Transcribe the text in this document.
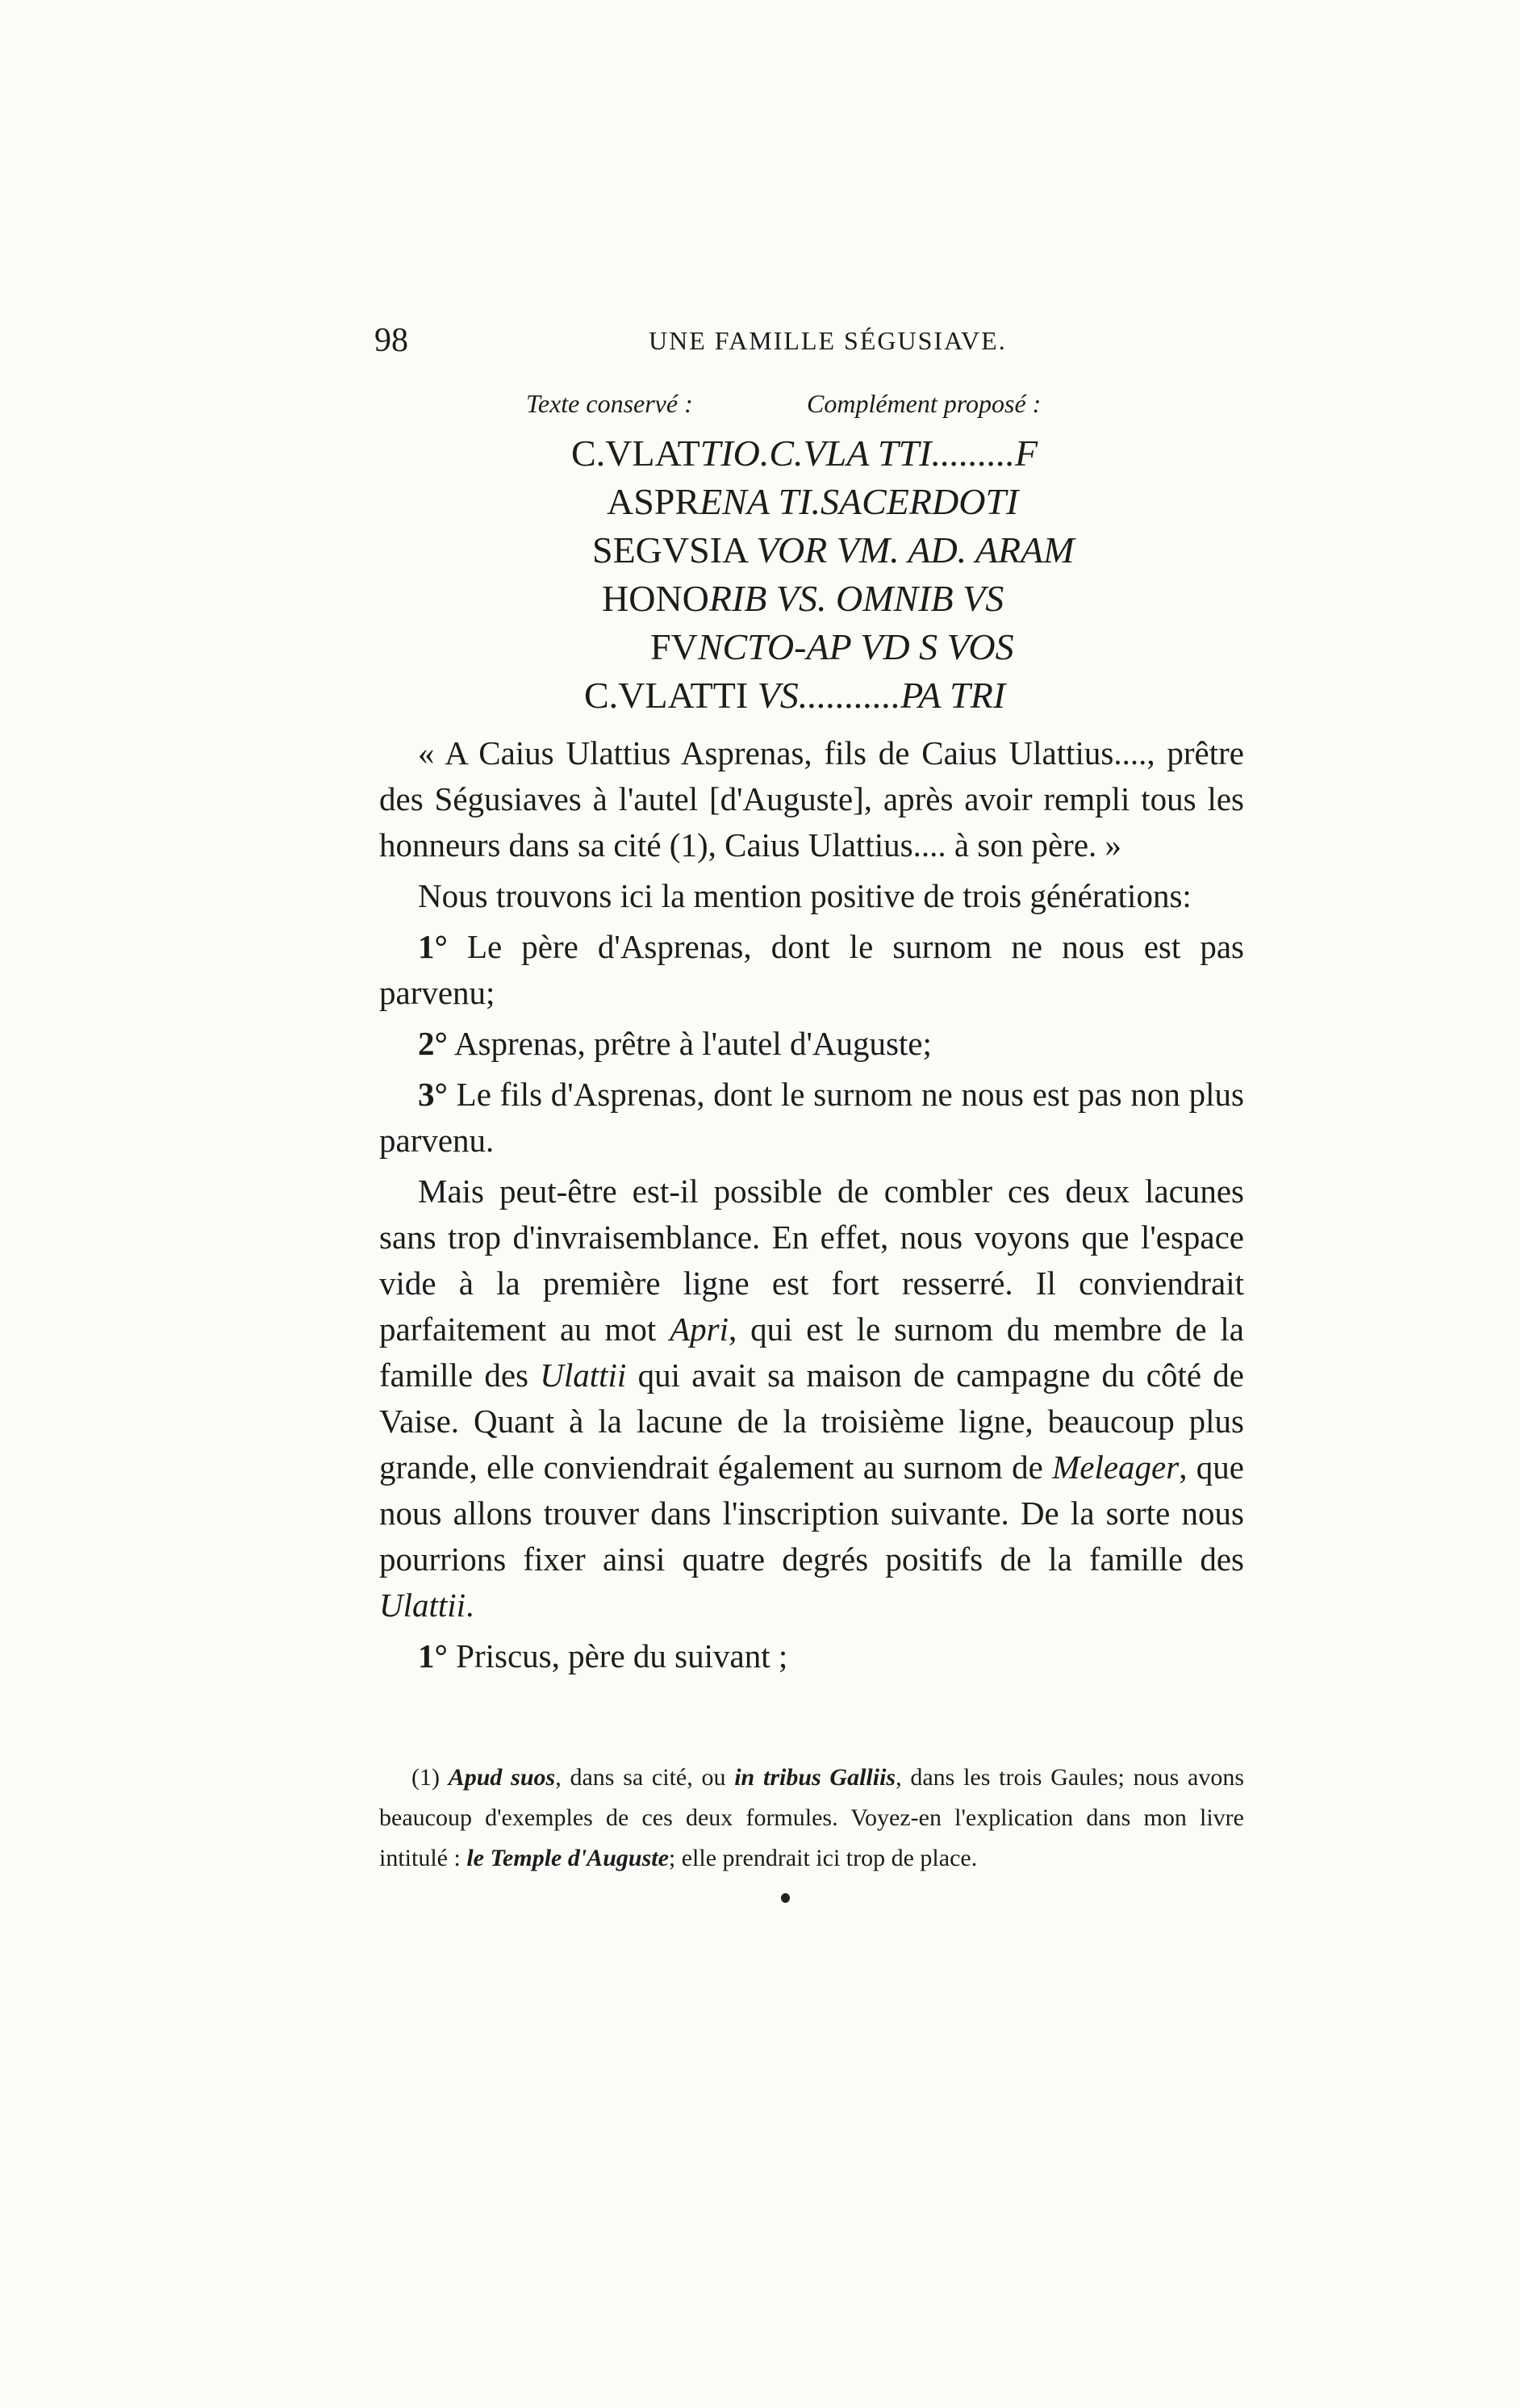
98	UNE FAMILLE SÉGUSIAVE.
Texte conservé :	Complément proposé :
C.VLATTIO.C.VLA TTI.........F
ASPRENA TI.SACERDOTI
SEGVSIA VOR VM. AD. ARAM
HONORIB VS. OMNIB VS
FVNCTO-AP VD S VOS
C.VLATTI VS...........PA TRI

« A Caius Ulattius Asprenas, fils de Caius Ulattius...., prêtre des Ségusiaves à l'autel [d'Auguste], après avoir rempli tous les honneurs dans sa cité (1), Caius Ulattius.... à son père. »

Nous trouvons ici la mention positive de trois générations:

1° Le père d'Asprenas, dont le surnom ne nous est pas parvenu;

2° Asprenas, prêtre à l'autel d'Auguste;

3° Le fils d'Asprenas, dont le surnom ne nous est pas non plus parvenu.

Mais peut-être est-il possible de combler ces deux lacunes sans trop d'invraisemblance. En effet, nous voyons que l'espace vide à la première ligne est fort resserré. Il conviendrait parfaitement au mot Apri, qui est le surnom du membre de la famille des Ulattii qui avait sa maison de campagne du côté de Vaise. Quant à la lacune de la troisième ligne, beaucoup plus grande, elle conviendrait également au surnom de Meleager, que nous allons trouver dans l'inscription suivante. De la sorte nous pourrions fixer ainsi quatre degrés positifs de la famille des Ulattii.

1° Priscus, père du suivant ;

(1) Apud suos, dans sa cité, ou in tribus Galliis, dans les trois Gaules; nous avons beaucoup d'exemples de ces deux formules. Voyez-en l'explication dans mon livre intitulé : le Temple d'Auguste; elle prendrait ici trop de place.
